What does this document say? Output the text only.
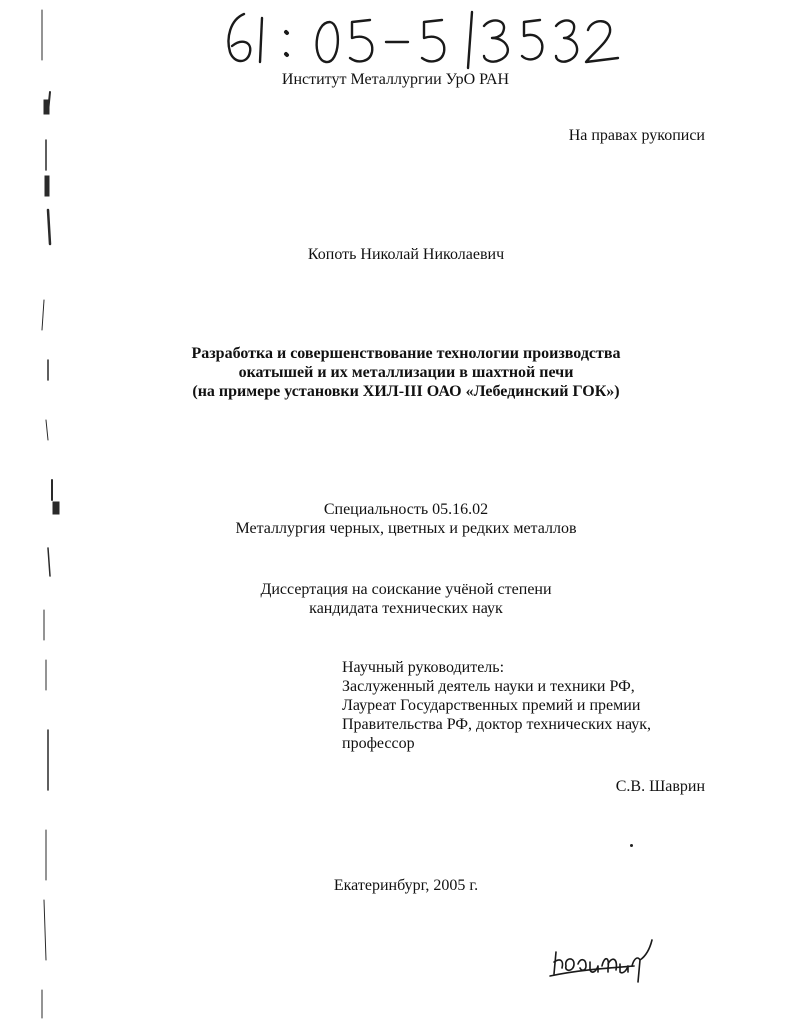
Институт Металлургии УрО РАН
На правах рукописи
Копоть Николай Николаевич
Разработка и совершенствование технологии производства
окатышей и их металлизации в шахтной печи
(на примере установки ХИЛ-III ОАО «Лебединский ГОК»)
Специальность 05.16.02
Металлургия черных, цветных и редких металлов
Диссертация на соискание учёной степени
кандидата технических наук
Научный руководитель:
Заслуженный деятель науки и техники РФ,
Лауреат Государственных премий и премии
Правительства РФ, доктор технических наук,
профессор
С.В. Шаврин
Екатеринбург, 2005 г.
